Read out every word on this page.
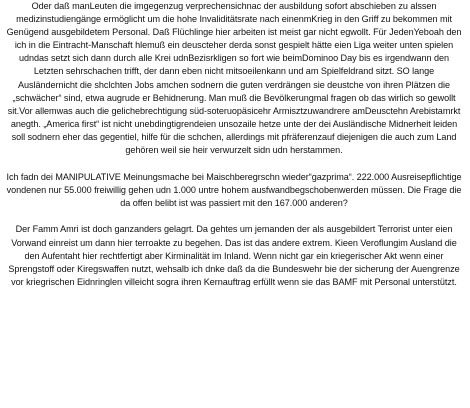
Oder daß manLeuten die imgegenzug verprechensichnac der ausbildung sofort abschieben zu alssen medizinstudiengänge ermöglicht um die hohe Invaliditätsrate nach einenmKrieg in den Griff zu bekommen mit Genügend ausgebildetem Personal. Daß Flüchlinge hier arbeiten ist meist gar nicht egwollt. Für JedenYeboah den ich in die Eintracht-Manschaft hlemuß ein deuscteher derda sonst gespielt hätte eien Liga weiter unten spielen udndas setzt sich dann durch alle Krei udnBezisrkligen so fort wie beimDominoo Day bis es irgendwann den Letzten sehrschachen trifft, der dann eben nicht mitsoeilenkann und am Spielfeldrand sitzt. SO lange Ausländernicht die shclchten Jobs amchen sodnern die guten verdrängen sie deustche von ihren Plätzen die „schwächer“ sind, etwa augrude er Behidnerung. Man muß die Bevölkerungmal fragen ob das wirlich so gewollt sit.Vor allemwas auch die gelichebrechtigung süd-soteruopäsicehr Armisztzuwandrere amDeusctehn Arebistamrkt anegth. „America first“ ist nicht unebdingtigrendeien unsozaile hetze unte der dei Ausländische Midnerheit leiden soll sodnern eher das gegentiel, hilfe für die schchen, allerdings mit pfräferenzauf diejenigen die auch zum Land gehören weil sie heir verwurzelt sidn udn herstammen.

Ich fadn dei MANIPULATIVE Meinungsmache bei Maischberegrschn wieder“gazprima“. 222.000 Ausreisepflichtige vondenen nur 55.000 freiwillig gehen udn 1.000 untre hohem ausfwandbegschobenwerden müssen. Die Frage die da offen belibt ist was passiert mit den 167.000 anderen?

Der Famm Amri ist doch ganzanders gelagrt. Da gehtes um jemanden der als ausgebildert Terrorist unter eien Vorwand einreist um dann hier terroakte zu begehen. Das ist das andere extrem. Kieen Veroflungim Ausland die den Aufentaht hier rechtfertigt aber Kirminalität im Inland. Wenn nicht gar ein kriegerischer Akt wenn einer Sprengstoff oder Kiregswaffen nutzt, wehsalb ich dnke daß da die Bundeswehr bie der sicherung der Auengrenze vor kriegrischen Eidnringlen villeicht sogra ihren Kernauftrag erfüllt wenn sie das BAMF mit Personal unterstützt.
